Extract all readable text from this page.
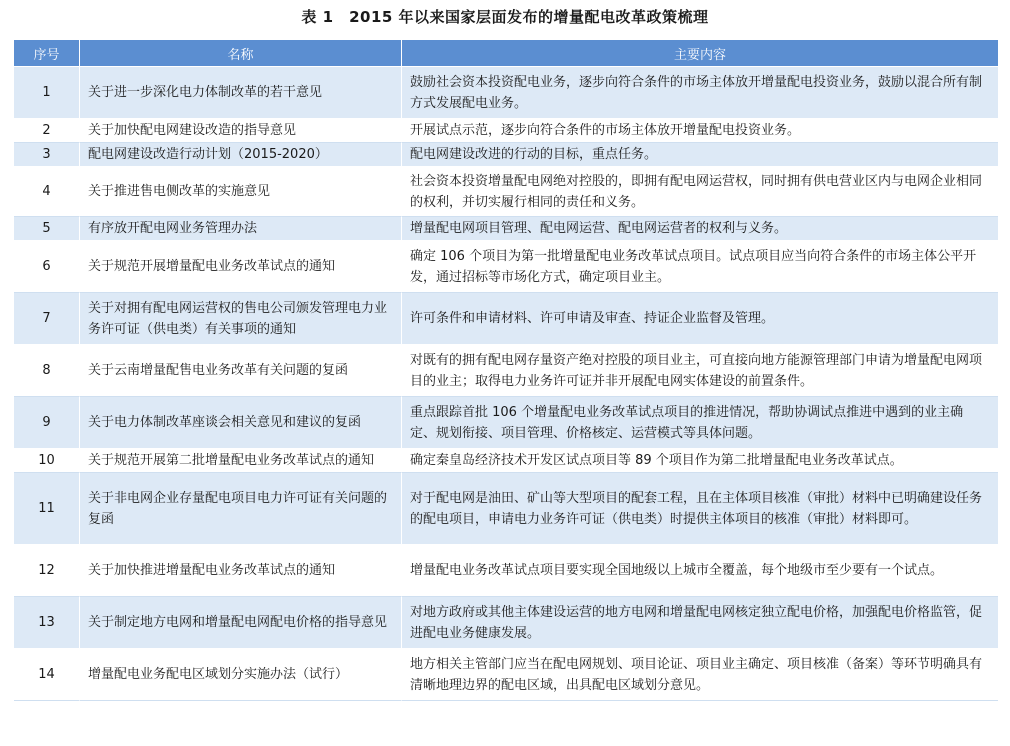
表 1　2015 年以来国家层面发布的增量配电改革政策梳理
序号	名称	主要内容
1	关于进一步深化电力体制改革的若干意见	鼓励社会资本投资配电业务，逐步向符合条件的市场主体放开增量配电投资业务，鼓励以混合所有制方式发展配电业务。
2	关于加快配电网建设改造的指导意见	开展试点示范，逐步向符合条件的市场主体放开增量配电投资业务。
3	配电网建设改造行动计划（2015-2020）	配电网建设改进的行动的目标，重点任务。
4	关于推进售电侧改革的实施意见	社会资本投资增量配电网绝对控股的，即拥有配电网运营权，同时拥有供电营业区内与电网企业相同的权利，并切实履行相同的责任和义务。
5	有序放开配电网业务管理办法	增量配电网项目管理、配电网运营、配电网运营者的权利与义务。
6	关于规范开展增量配电业务改革试点的通知	确定 106 个项目为第一批增量配电业务改革试点项目。试点项目应当向符合条件的市场主体公平开发，通过招标等市场化方式，确定项目业主。
7	关于对拥有配电网运营权的售电公司颁发管理电力业务许可证（供电类）有关事项的通知	许可条件和申请材料、许可申请及审查、持证企业监督及管理。
8	关于云南增量配售电业务改革有关问题的复函	对既有的拥有配电网存量资产绝对控股的项目业主，可直接向地方能源管理部门申请为增量配电网项目的业主；取得电力业务许可证并非开展配电网实体建设的前置条件。
9	关于电力体制改革座谈会相关意见和建议的复函	重点跟踪首批 106 个增量配电业务改革试点项目的推进情况，帮助协调试点推进中遇到的业主确定、规划衔接、项目管理、价格核定、运营模式等具体问题。
10	关于规范开展第二批增量配电业务改革试点的通知	确定秦皇岛经济技术开发区试点项目等 89 个项目作为第二批增量配电业务改革试点。
11	关于非电网企业存量配电项目电力许可证有关问题的复函	对于配电网是油田、矿山等大型项目的配套工程，且在主体项目核准（审批）材料中已明确建设任务的配电项目，申请电力业务许可证（供电类）时提供主体项目的核准（审批）材料即可。
12	关于加快推进增量配电业务改革试点的通知	增量配电业务改革试点项目要实现全国地级以上城市全覆盖，每个地级市至少要有一个试点。
13	关于制定地方电网和增量配电网配电价格的指导意见	对地方政府或其他主体建设运营的地方电网和增量配电网核定独立配电价格，加强配电价格监管，促进配电业务健康发展。
14	增量配电业务配电区域划分实施办法（试行）	地方相关主管部门应当在配电网规划、项目论证、项目业主确定、项目核准（备案）等环节明确具有清晰地理边界的配电区域，出具配电区域划分意见。
